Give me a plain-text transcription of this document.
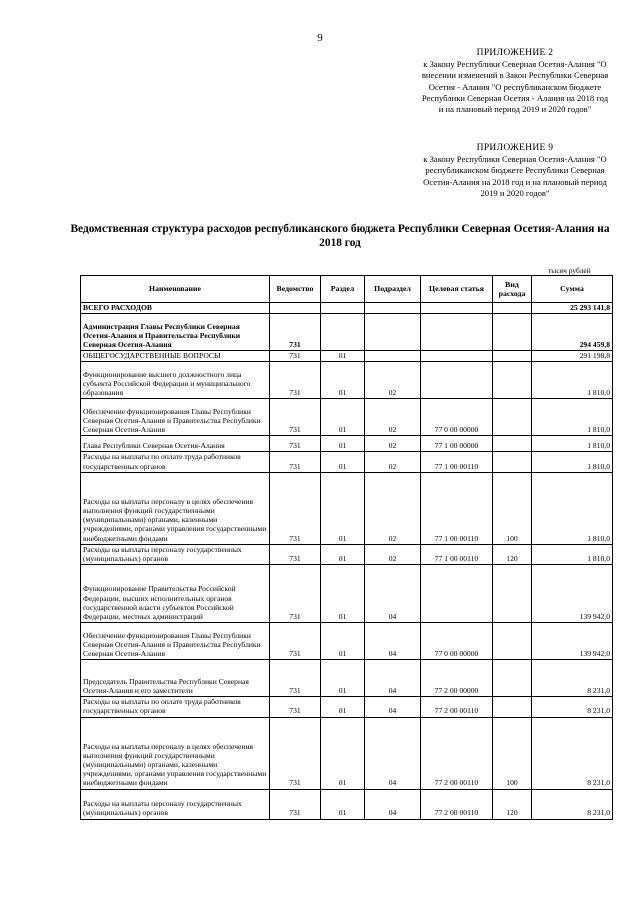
9
ПРИЛОЖЕНИЕ 2
к Закону Республики Северная Осетия-Алания "О внесении изменений в Закон Республики Северная Осетия - Алания "О республиканском бюджете Республики Северная Осетия - Алания на 2018 год и на плановый период 2019 и 2020 годов"
ПРИЛОЖЕНИЕ 9
к Закону Республики Северная Осетия-Алания "О республиканском бюджете Республики Северная Осетия-Алания на 2018 год и на плановый период 2019 и 2020 годов"
Ведомственная структура расходов республиканского бюджета Республики Северная Осетия-Алания на 2018 год
тысяч рублей
Наименование	Ведомство	Раздел	Подраздел	Целевая статья	Вид расхода	Сумма
ВСЕГО РАСХОДОВ						25 293 141,8
Администрация Главы Республики Северная Осетия-Алания и Правительства Республики Северная Осетия-Алания	731					294 459,8
ОБЩЕГОСУДАРСТВЕННЫЕ ВОПРОСЫ	731	01				291 198,8
Функционирование высшего должностного лица субъекта Российской Федерации и муниципального образования	731	01	02			1 810,0
Обеспечение функционирования Главы Республики Северная Осетия-Алания и Правительства Республики Северная Осетия-Алания	731	01	02	77 0 00 00000		1 810,0
Глава Республики Северная Осетия-Алания	731	01	02	77 1 00 00000		1 810,0
Расходы на выплаты по оплате труда работников государственных органов	731	01	02	77 1 00 00110		1 810,0
Расходы на выплаты персоналу в целях обеспечения выполнения функций государственными (муниципальными) органами, казенными учреждениями, органами управления государственными внебюджетными фондами	731	01	02	77 1 00 00110	100	1 810,0
Расходы на выплаты персоналу государственных (муниципальных) органов	731	01	02	77 1 00 00110	120	1 810,0
Функционирование Правительства Российской Федерации, высших исполнительных органов государственной власти субъектов Российской Федерации, местных администраций	731	01	04			139 942,0
Обеспечение функционирования Главы Республики Северная Осетия-Алания и Правительства Республики Северная Осетия-Алания	731	01	04	77 0 00 00000		139 942,0
Председатель Правительства Республики Северная Осетия-Алания и его заместители	731	01	04	77 2 00 00000		8 231,0
Расходы на выплаты по оплате труда работников государственных органов	731	01	04	77 2 00 00110		8 231,0
Расходы на выплаты персоналу в целях обеспечения выполнения функций государственными (муниципальными) органами, казенными учреждениями, органами управления государственными внебюджетными фондами	731	01	04	77 2 00 00110	100	8 231,0
Расходы на выплаты персоналу государственных (муниципальных) органов	731	01	04	77 2 00 00110	120	8 231,0
